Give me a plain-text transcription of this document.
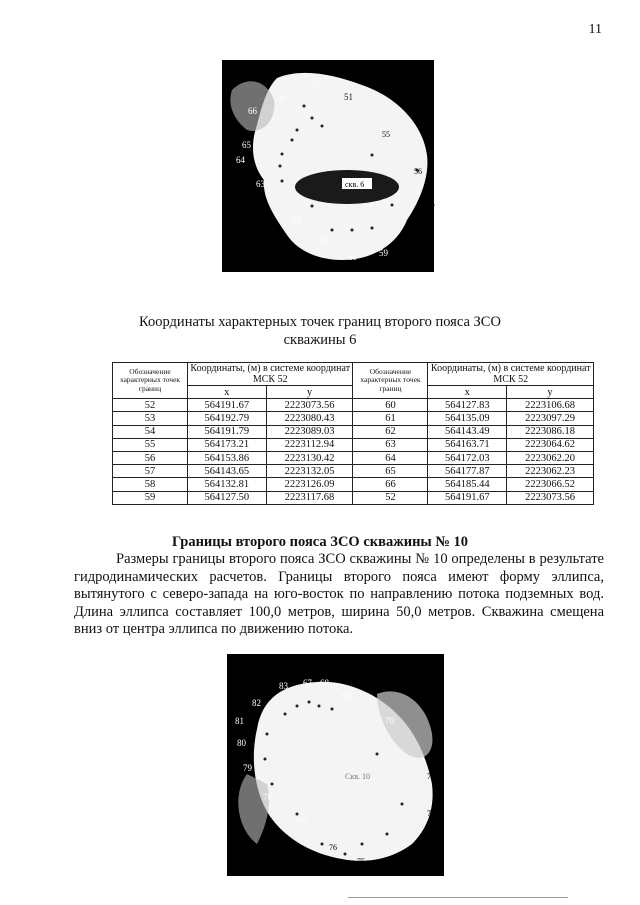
11
скв. 6
53
52	51
66
55
65
64
63
56
57
62
61
58
59
60
Координаты характерных точек границ второго пояса ЗСО
скважины 6
Обозначение характерных точек границ	Координаты, (м) в системе координат МСК 52		Обозначение характерных точек границ	Координаты, (м) в системе координат МСК 52	
	x	y		x	y
52	564191.67	2223073.56	60	564127.83	2223106.68
53	564192.79	2223080.43	61	564135.09	2223097.29
54	564191.79	2223089.03	62	564143.49	2223086.18
55	564173.21	2223112.94	63	564163.71	2223064.62
56	564153.86	2223130.42	64	564172.03	2223062.20
57	564143.65	2223132.05	65	564177.87	2223062.23
58	564132.81	2223126.09	66	564185.44	2223066.52
59	564127.50	2223117.68	52	564191.67	2223073.56
Границы второго пояса ЗСО скважины № 10

Размеры границы второго пояса ЗСО скважины № 10 определены в результате гидродинамических расчетов. Границы второго пояса имеют форму эллипса, вытянутого с северо-запада на юго-восток по направлению потока подземных вод. Длина эллипса составляет 100,0 метров, ширина 50,0 метров. Скважина смещена вниз от центра эллипса по движению потока.

Скв. 10
83 67 68
69
82
81	70
80
79
71
78
72
77
73
76
75	74
